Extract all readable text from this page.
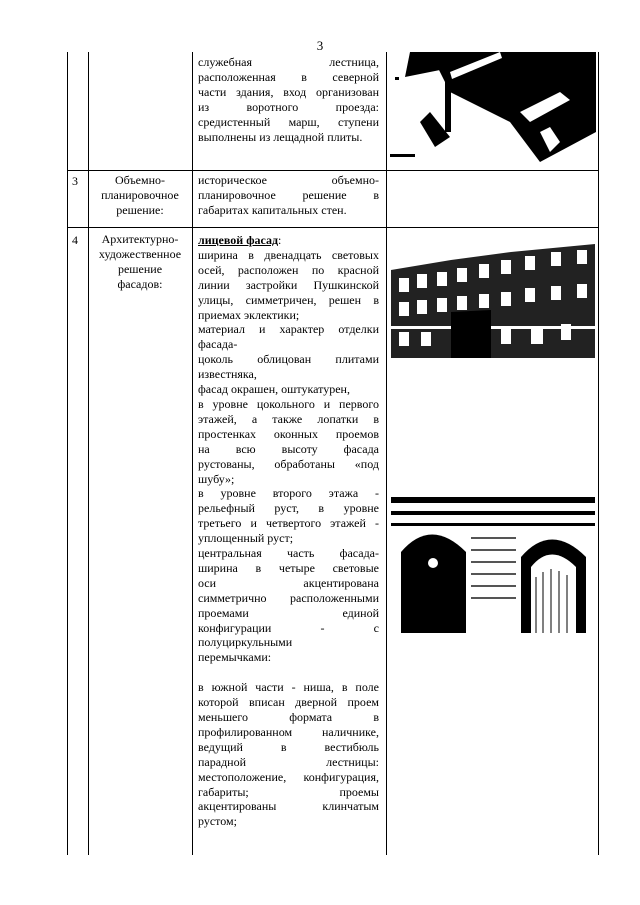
3
служебная лестница,
расположенная в северной
части здания, вход организован
из воротного проезда:
средистенный марш, ступени
выполнены из лещадной плиты.
3	Объемно-
планировочное
решение:
историческое объемно-
планировочное решение в
габаритах капитальных стен.
4	Архитектурно-
художественное
решение
фасадов:
лицевой фасад:
ширина в двенадцать световых
осей, расположен по красной
линии застройки Пушкинской
улицы, симметричен, решен в
приемах эклектики;
материал и характер отделки
фасада-
цоколь облицован плитами
известняка,
фасад окрашен, оштукатурен,
в уровне цокольного и первого
этажей, а также лопатки в
простенках оконных проемов
на всю высоту фасада
рустованы, обработаны «под
шубу»;
в уровне второго этажа -
рельефный руст, в уровне
третьего и четвертого этажей -
уплощенный руст;
центральная часть фасада-
ширина в четыре световые
оси акцентирована
симметрично расположенными
проемами единой
конфигурации - с
полуциркульными
перемычками:
в южной части - ниша, в поле
которой вписан дверной проем
меньшего формата в
профилированном наличнике,
ведущий в вестибюль
парадной лестницы:
местоположение, конфигурация,
габариты; проемы
акцентированы клинчатым
рустом;
